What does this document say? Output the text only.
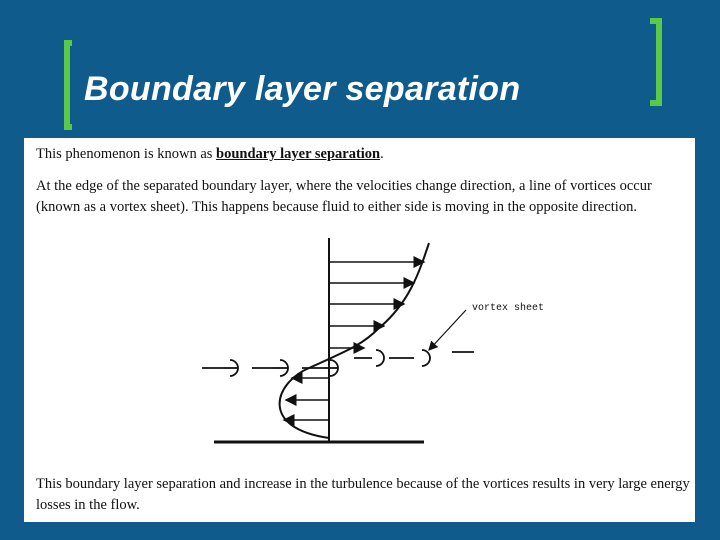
Boundary layer separation

This phenomenon is known as boundary layer separation.

At the edge of the separated boundary layer, where the velocities change direction, a line of vortices occur (known as a vortex sheet). This happens because fluid to either side is moving in the opposite direction.

vortex sheet

This boundary layer separation and increase in the turbulence because of the vortices results in very large energy losses in the flow.
